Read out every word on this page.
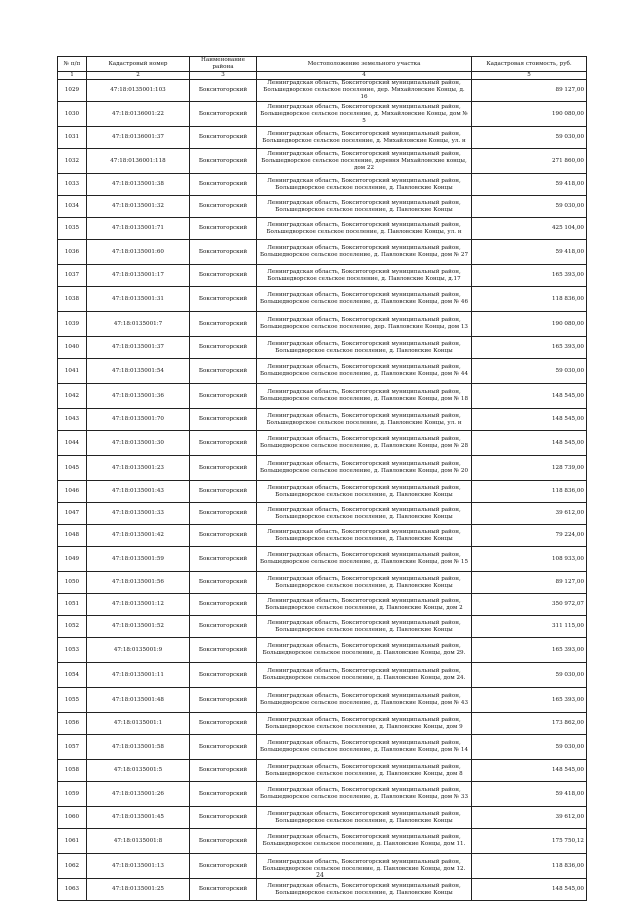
№ п/п	Кадастровый номер	Наименование района	Местоположение земельного участка	Кадастровая стоимость, руб.
1	2	3	4	5
1029	47:18:0135001:103	Бокситогорский	Ленинградская область, Бокситогорский муниципальный район, Большедворское сельское поселение, дер. Михайловские Концы, д. 16	89 127,00
1030	47:18:0136001:22	Бокситогорский	Ленинградская область, Бокситогорский муниципальный район, Большедворское сельское поселение, д. Михайловские Концы, дом № 5	190 080,00
1031	47:18:0136001:37	Бокситогорский	Ленинградская область, Бокситогорский муниципальный район, Большедворское сельское поселение, д. Михайловские Концы, ул. н	59 030,00
1032	47:18:0136001:118	Бокситогорский	Ленинградская область, Бокситогорский муниципальный район, Большедворское сельское поселение, деревня Михайловские концы, дом 22	271 860,00
1033	47:18:0135001:38	Бокситогорский	Ленинградская область, Бокситогорский муниципальный район, Большедворское сельское поселение, д. Павловские Концы	59 418,00
1034	47:18:0135001:32	Бокситогорский	Ленинградская область, Бокситогорский муниципальный район, Большедворское сельское поселение, д. Павловские Концы	59 030,00
1035	47:18:0135001:71	Бокситогорский	Ленинградская область, Бокситогорский муниципальный район, Большедворское сельское поселение, д. Павловские Концы, ул. н	425 104,00
1036	47:18:0135001:60	Бокситогорский	Ленинградская область, Бокситогорский муниципальный район, Большедворское сельское поселение, д. Павловские Концы, дом № 27	59 418,00
1037	47:18:0135001:17	Бокситогорский	Ленинградская область, Бокситогорский муниципальный район, Большедворское сельское поселение, д. Павловские Концы, д.17	165 393,00
1038	47:18:0135001:31	Бокситогорский	Ленинградская область, Бокситогорский муниципальный район, Большедворское сельское поселение, д. Павловские Концы, дом № 46	118 836,00
1039	47:18:0135001:7	Бокситогорский	Ленинградская область, Бокситогорский муниципальный район, Большедворское сельское поселение, дер. Павловские Концы, дом 13	190 080,00
1040	47:18:0135001:37	Бокситогорский	Ленинградская область, Бокситогорский муниципальный район, Большедворское сельское поселение, д. Павловские Концы	165 393,00
1041	47:18:0135001:54	Бокситогорский	Ленинградская область, Бокситогорский муниципальный район, Большедворское сельское поселение, д. Павловские Концы, дом № 44	59 030,00
1042	47:18:0135001:36	Бокситогорский	Ленинградская область, Бокситогорский муниципальный район, Большедворское сельское поселение, д. Павловские Концы, дом № 18	148 545,00
1043	47:18:0135001:70	Бокситогорский	Ленинградская область, Бокситогорский муниципальный район, Большедворское сельское поселение, д. Павловские Концы, ул. н	148 545,00
1044	47:18:0135001:30	Бокситогорский	Ленинградская область, Бокситогорский муниципальный район, Большедворское сельское поселение, д. Павловские Концы, дом № 28	148 545,00
1045	47:18:0135001:23	Бокситогорский	Ленинградская область, Бокситогорский муниципальный район, Большедворское сельское поселение, д. Павловские Концы, дом № 20	128 739,00
1046	47:18:0135001:43	Бокситогорский	Ленинградская область, Бокситогорский муниципальный район, Большедворское сельское поселение, д. Павловские Концы	118 836,00
1047	47:18:0135001:33	Бокситогорский	Ленинградская область, Бокситогорский муниципальный район, Большедворское сельское поселение, д. Павловские Концы	39 612,00
1048	47:18:0135001:42	Бокситогорский	Ленинградская область, Бокситогорский муниципальный район, Большедворское сельское поселение, д. Павловские Концы	79 224,00
1049	47:18:0135001:59	Бокситогорский	Ленинградская область, Бокситогорский муниципальный район, Большедворское сельское поселение, д. Павловские Концы, дом № 15	108 933,00
1050	47:18:0135001:56	Бокситогорский	Ленинградская область, Бокситогорский муниципальный район, Большедворское сельское поселение, д. Павловские Концы	89 127,00
1051	47:18:0135001:12	Бокситогорский	Ленинградская область, Бокситогорский муниципальный район, Большедворское сельское поселение, д. Павловские Концы, дом 2	350 972,07
1052	47:18:0135001:52	Бокситогорский	Ленинградская область, Бокситогорский муниципальный район, Большедворское сельское поселение, д. Павловские Концы	311 115,00
1053	47:18:0135001:9	Бокситогорский	Ленинградская область, Бокситогорский муниципальный район, Большедворское сельское поселение, д. Павловские Концы, дом 29.	165 393,00
1054	47:18:0135001:11	Бокситогорский	Ленинградская область, Бокситогорский муниципальный район, Большедворское сельское поселение, д. Павловские Концы, дом 24.	59 030,00
1055	47:18:0135001:48	Бокситогорский	Ленинградская область, Бокситогорский муниципальный район, Большедворское сельское поселение, д. Павловские Концы, дом № 43	165 393,00
1056	47:18:0135001:1	Бокситогорский	Ленинградская область, Бокситогорский муниципальный район, Большедворское сельское поселение, д. Павловские Концы, дом 9	173 862,00
1057	47:18:0135001:58	Бокситогорский	Ленинградская область, Бокситогорский муниципальный район, Большедворское сельское поселение, д. Павловские Концы, дом № 14	59 030,00
1058	47:18:0135001:5	Бокситогорский	Ленинградская область, Бокситогорский муниципальный район, Большедворское сельское поселение, д. Павловские Концы, дом 8	148 545,00
1059	47:18:0135001:26	Бокситогорский	Ленинградская область, Бокситогорский муниципальный район, Большедворское сельское поселение, д. Павловские Концы, дом № 33	59 418,00
1060	47:18:0135001:45	Бокситогорский	Ленинградская область, Бокситогорский муниципальный район, Большедворское сельское поселение, д. Павловские Концы	39 612,00
1061	47:18:0135001:8	Бокситогорский	Ленинградская область, Бокситогорский муниципальный район, Большедворское сельское поселение, д. Павловские Концы, дом 11.	175 750,12
1062	47:18:0135001:13	Бокситогорский	Ленинградская область, Бокситогорский муниципальный район, Большедворское сельское поселение, д. Павловские Концы, дом 12.	118 836,00
1063	47:18:0135001:25	Бокситогорский	Ленинградская область, Бокситогорский муниципальный район, Большедворское сельское поселение, д. Павловские Концы	148 545,00
24
